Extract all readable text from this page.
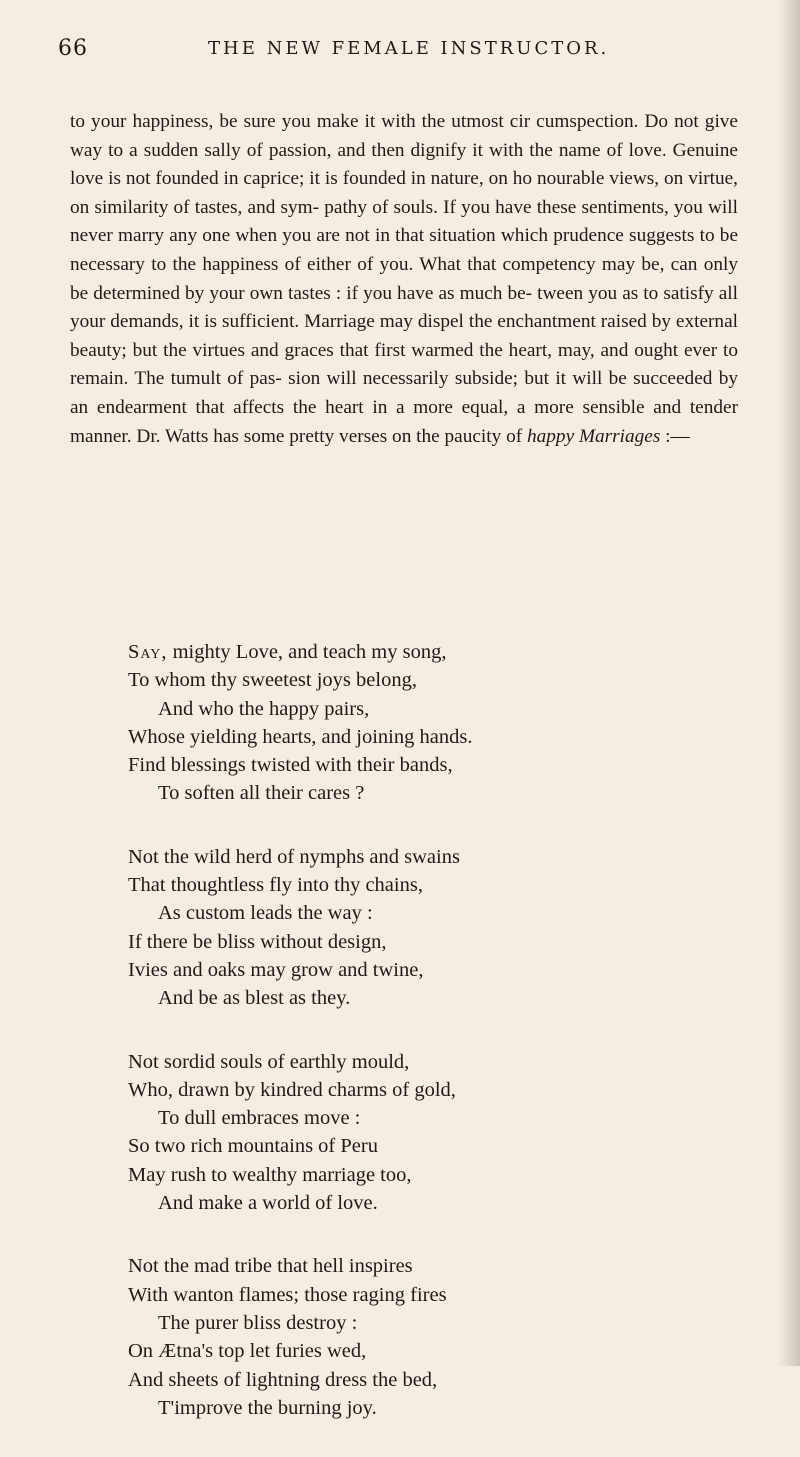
66	THE NEW FEMALE INSTRUCTOR.
to your happiness, be sure you make it with the utmost cir cumspection. Do not give way to a sudden sally of passion, and then dignify it with the name of love. Genuine love is not founded in caprice; it is founded in nature, on ho nourable views, on virtue, on similarity of tastes, and sym- pathy of souls. If you have these sentiments, you will never marry any one when you are not in that situation which prudence suggests to be necessary to the happiness of either of you. What that competency may be, can only be determined by your own tastes : if you have as much be- tween you as to satisfy all your demands, it is sufficient. Marriage may dispel the enchantment raised by external beauty; but the virtues and graces that first warmed the heart, may, and ought ever to remain. The tumult of pas- sion will necessarily subside; but it will be succeeded by an endearment that affects the heart in a more equal, a more sensible and tender manner. Dr. Watts has some pretty verses on the paucity of happy Marriages :—
Say, mighty Love, and teach my song,
To whom thy sweetest joys belong,
And who the happy pairs,
Whose yielding hearts, and joining hands.
Find blessings twisted with their bands,
To soften all their cares ?
Not the wild herd of nymphs and swains
That thoughtless fly into thy chains,
As custom leads the way :
If there be bliss without design,
Ivies and oaks may grow and twine,
And be as blest as they.
Not sordid souls of earthly mould,
Who, drawn by kindred charms of gold,
To dull embraces move :
So two rich mountains of Peru
May rush to wealthy marriage too,
And make a world of love.
Not the mad tribe that hell inspires
With wanton flames; those raging fires
The purer bliss destroy :
On Ætna's top let furies wed,
And sheets of lightning dress the bed,
T'improve the burning joy.
